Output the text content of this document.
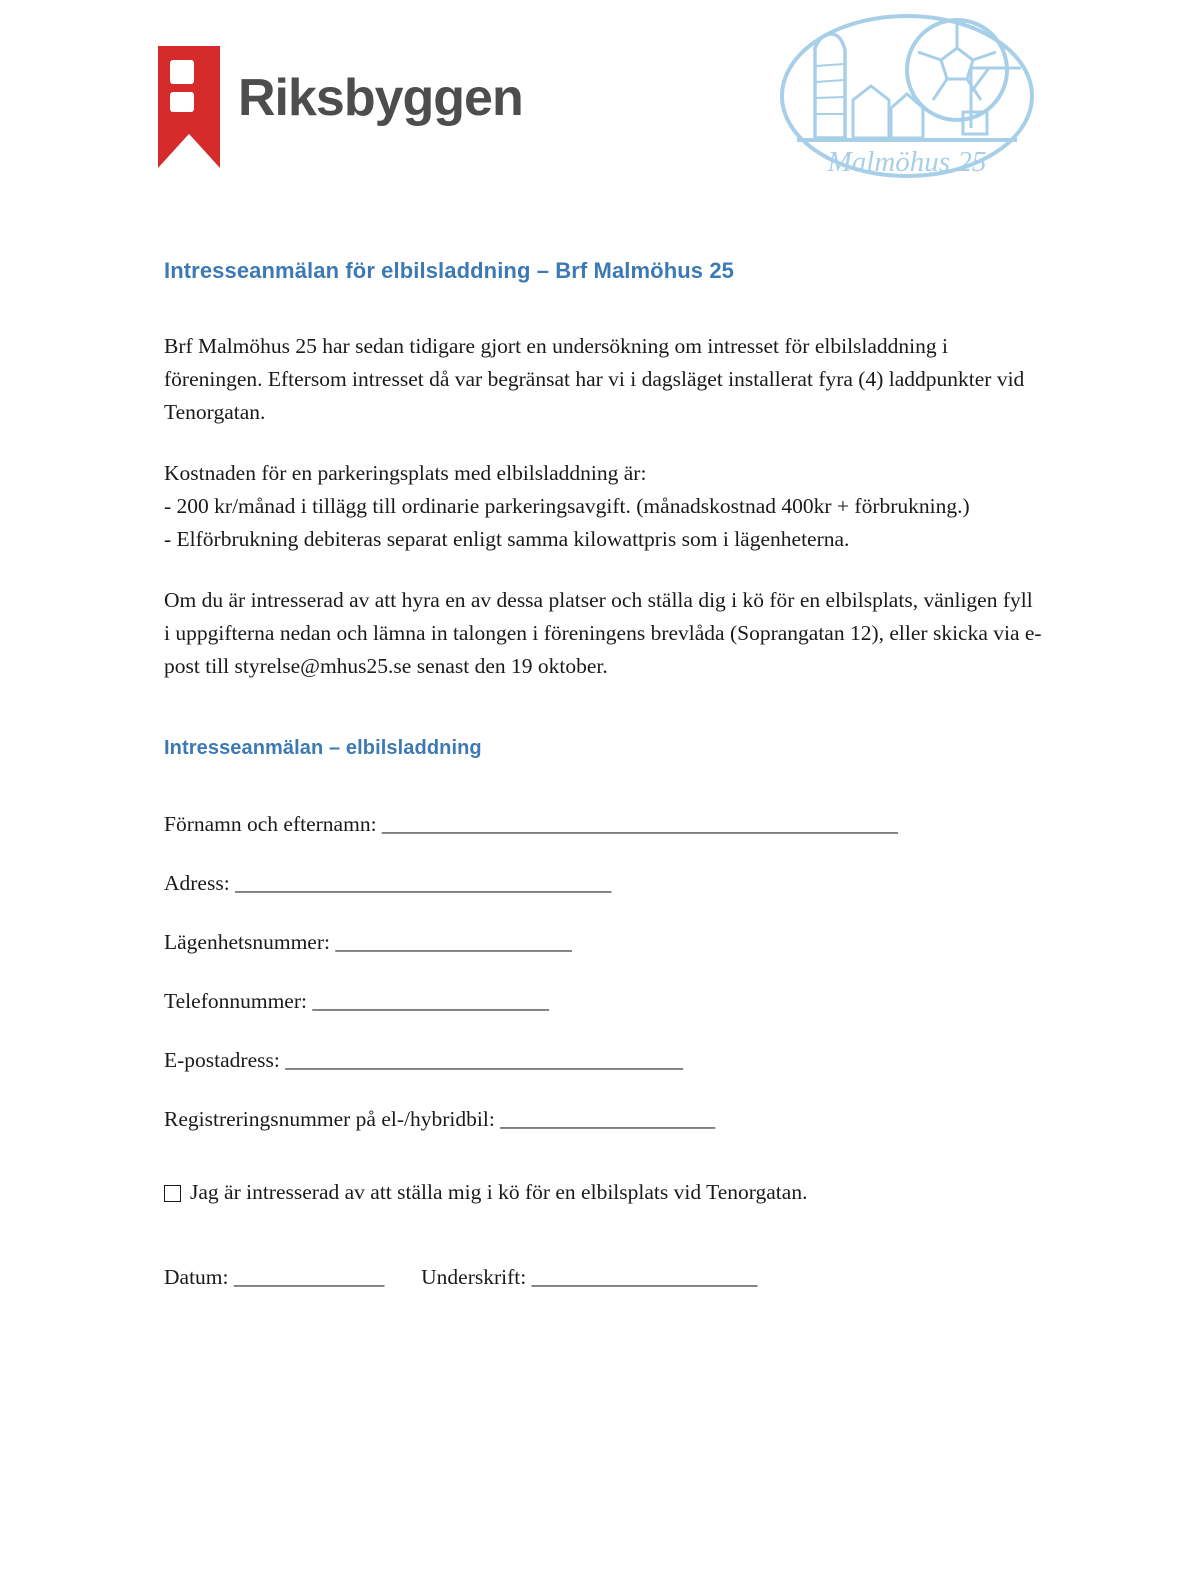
Riksbyggen
Malmöhus 25
Intresseanmälan för elbilsladdning – Brf Malmöhus 25

Brf Malmöhus 25 har sedan tidigare gjort en undersökning om intresset för elbilsladdning i föreningen. Eftersom intresset då var begränsat har vi i dagsläget installerat fyra (4) laddpunkter vid Tenorgatan.

Kostnaden för en parkeringsplats med elbilsladdning är:
- 200 kr/månad i tillägg till ordinarie parkeringsavgift. (månadskostnad 400kr + förbrukning.)
- Elförbrukning debiteras separat enligt samma kilowattpris som i lägenheterna.

Om du är intresserad av att hyra en av dessa platser och ställa dig i kö för en elbilsplats, vänligen fyll i uppgifterna nedan och lämna in talongen i föreningens brevlåda (Soprangatan 12), eller skicka via e-post till styrelse@mhus25.se senast den 19 oktober.

Intresseanmälan – elbilsladdning
Förnamn och efternamn: ________________________________________________
Adress: ___________________________________
Lägenhetsnummer: ______________________
Telefonnummer: ______________________
E-postadress: _____________________________________
Registreringsnummer på el-/hybridbil: ____________________
Jag är intresserad av att ställa mig i kö för en elbilsplats vid Tenorgatan.
Datum: ______________ Underskrift: _____________________
